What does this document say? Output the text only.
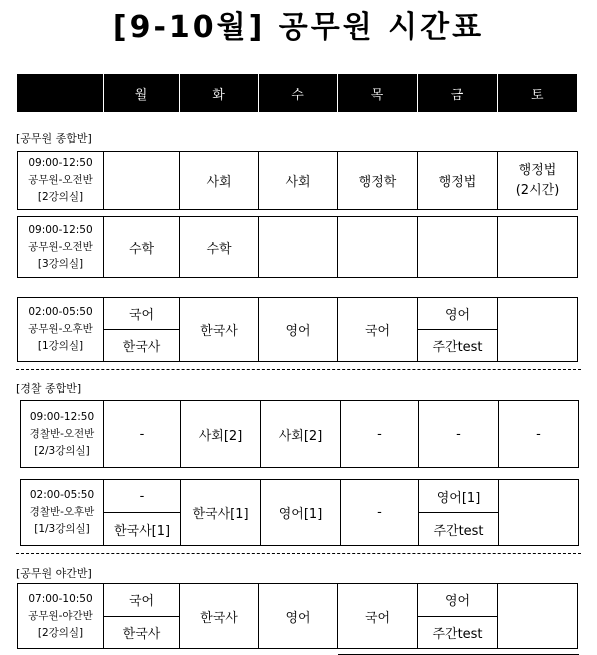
[9-10월] 공무원 시간표
	월	화	수	목	금	토
[공무원 종합반]
09:00-12:50
공무원-오전반
[2강의실]
		사회	사회	행정학	행정법	행정법
(2시간)
09:00-12:50
공무원-오전반
[3강의실]
	수학	수학				
02:00-05:50
공무원-오후반
[1강의실]	국어	한국사	영어	국어	영어	
	한국사				주간test	
[경찰 종합반]
09:00-12:50
경찰반-오전반
[2/3강의실]
	-	사회[2]	사회[2]	-	-	-
02:00-05:50
경찰반-오후반
[1/3강의실]	-	한국사[1]	영어[1]	-	영어[1]	
	한국사[1]				주간test	
[공무원 야간반]
07:00-10:50
공무원-야간반
[2강의실]	국어	한국사	영어	국어	영어	
	한국사				주간test	
